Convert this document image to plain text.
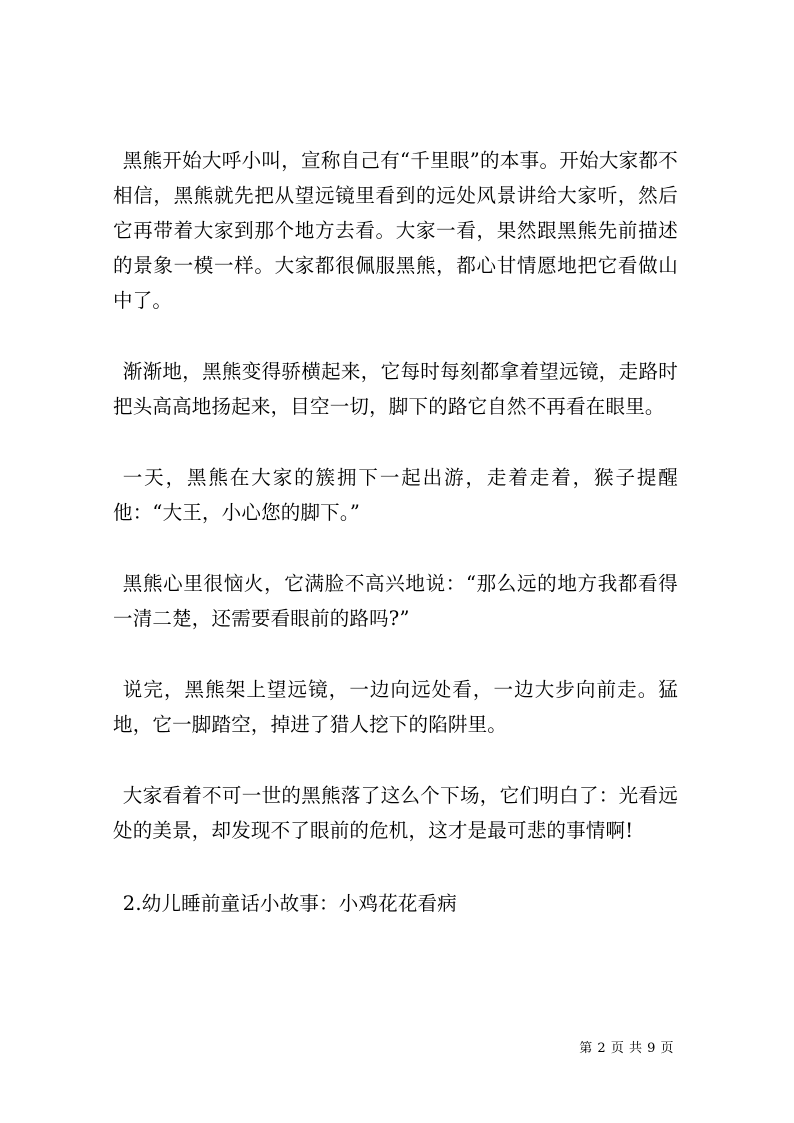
黑熊开始大呼小叫，宣称自己有“千里眼”的本事。开始大家都不相信，黑熊就先把从望远镜里看到的远处风景讲给大家听，然后它再带着大家到那个地方去看。大家一看，果然跟黑熊先前描述的景象一模一样。大家都很佩服黑熊，都心甘情愿地把它看做山中了。

渐渐地，黑熊变得骄横起来，它每时每刻都拿着望远镜，走路时把头高高地扬起来，目空一切，脚下的路它自然不再看在眼里。

一天，黑熊在大家的簇拥下一起出游，走着走着，猴子提醒他：“大王，小心您的脚下。”

黑熊心里很恼火，它满脸不高兴地说：“那么远的地方我都看得一清二楚，还需要看眼前的路吗?”

说完，黑熊架上望远镜，一边向远处看，一边大步向前走。猛地，它一脚踏空，掉进了猎人挖下的陷阱里。

大家看着不可一世的黑熊落了这么个下场，它们明白了：光看远处的美景，却发现不了眼前的危机，这才是最可悲的事情啊!

2.幼儿睡前童话小故事：小鸡花花看病

第 2 页 共 9 页
